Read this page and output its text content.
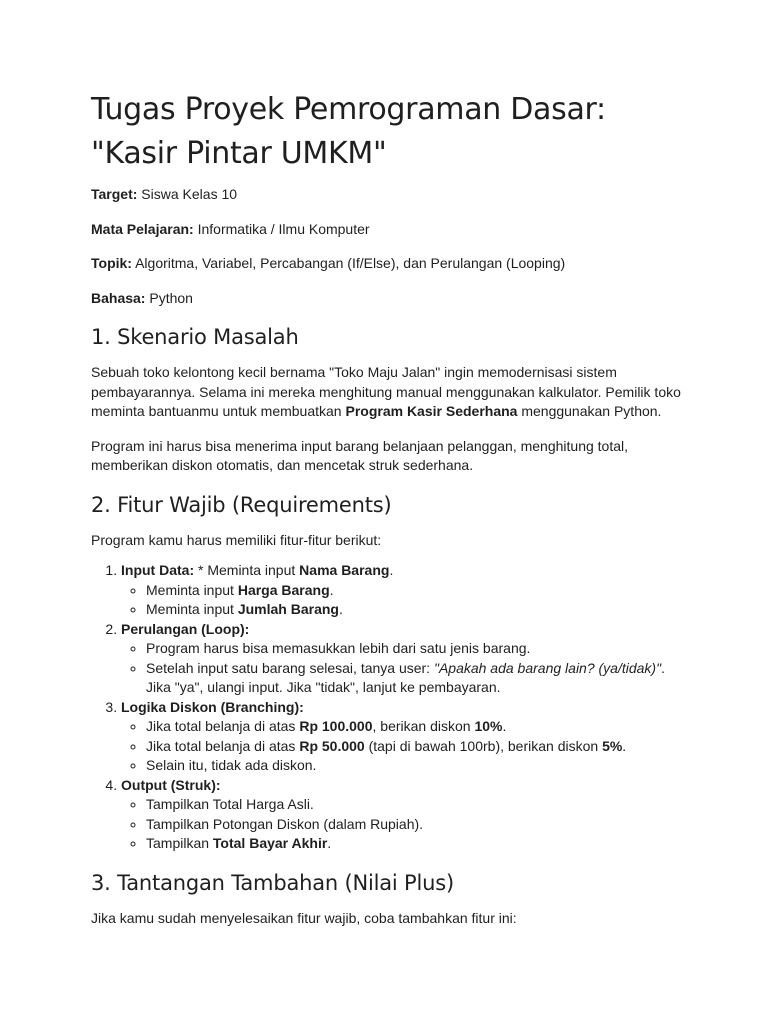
Tugas Proyek Pemrograman Dasar:
"Kasir Pintar UMKM"

Target: Siswa Kelas 10

Mata Pelajaran: Informatika / Ilmu Komputer

Topik: Algoritma, Variabel, Percabangan (If/Else), dan Perulangan (Looping)

Bahasa: Python

1. Skenario Masalah

Sebuah toko kelontong kecil bernama "Toko Maju Jalan" ingin memodernisasi sistem pembayarannya. Selama ini mereka menghitung manual menggunakan kalkulator. Pemilik toko meminta bantuanmu untuk membuatkan Program Kasir Sederhana menggunakan Python.

Program ini harus bisa menerima input barang belanjaan pelanggan, menghitung total, memberikan diskon otomatis, dan mencetak struk sederhana.

2. Fitur Wajib (Requirements)

Program kamu harus memiliki fitur-fitur berikut:

1. Input Data: * Meminta input Nama Barang.
◦ Meminta input Harga Barang.
◦ Meminta input Jumlah Barang.
2. Perulangan (Loop):
◦ Program harus bisa memasukkan lebih dari satu jenis barang.
◦ Setelah input satu barang selesai, tanya user: "Apakah ada barang lain? (ya/tidak)". Jika "ya", ulangi input. Jika "tidak", lanjut ke pembayaran.
3. Logika Diskon (Branching):
◦ Jika total belanja di atas Rp 100.000, berikan diskon 10%.
◦ Jika total belanja di atas Rp 50.000 (tapi di bawah 100rb), berikan diskon 5%.
◦ Selain itu, tidak ada diskon.
4. Output (Struk):
◦ Tampilkan Total Harga Asli.
◦ Tampilkan Potongan Diskon (dalam Rupiah).
◦ Tampilkan Total Bayar Akhir.
3. Tantangan Tambahan (Nilai Plus)

Jika kamu sudah menyelesaikan fitur wajib, coba tambahkan fitur ini:
